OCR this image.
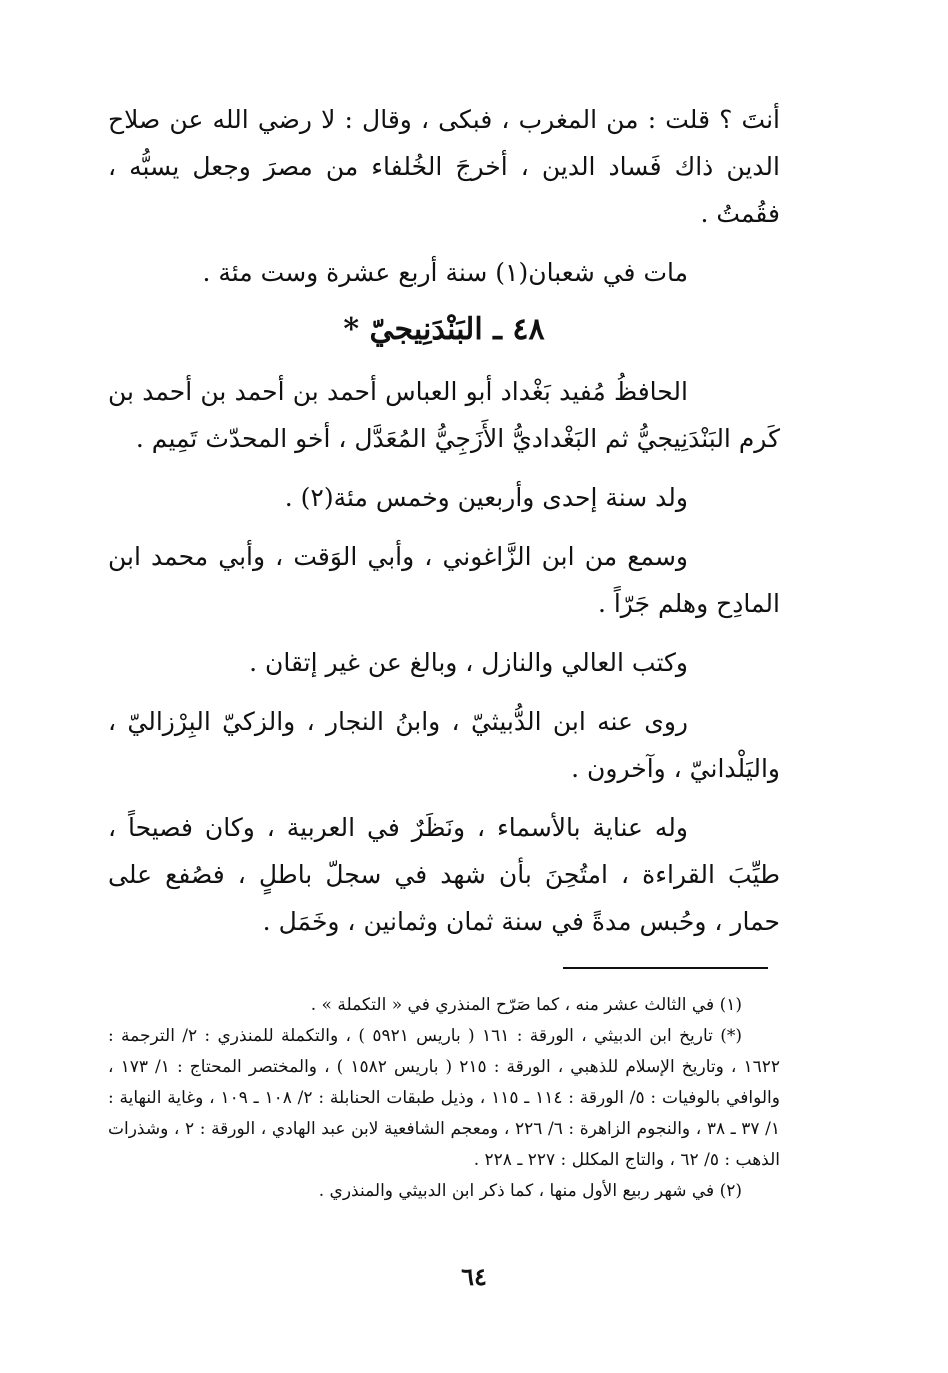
أنتَ ؟ قلت : من المغرب ، فبكى ، وقال : لا رضي الله عن صلاح الدين ذاك فَساد الدين ، أخرجَ الخُلفاء من مصرَ وجعل يسبُّه ، فقُمتُ .

مات في شعبان(١) سنة أربع عشرة وست مئة .

٤٨ ـ البَنْدَنِيجيّ *

الحافظُ مُفيد بَغْداد أبو العباس أحمد بن أحمد بن أحمد بن كَرم البَنْدَنِيجيُّ ثم البَغْداديُّ الأَزَجِيُّ المُعَدَّل ، أخو المحدّث تَمِيم .

ولد سنة إحدى وأربعين وخمس مئة(٢) .

وسمع من ابن الزَّاغوني ، وأبي الوَقت ، وأبي محمد ابن المادِح وهلم جَرّاً .

وكتب العالي والنازل ، وبالغ عن غير إتقان .

روى عنه ابن الدُّبيثيّ ، وابنُ النجار ، والزكيّ البِرْزاليّ ، واليَلْدانيّ ، وآخرون .

وله عناية بالأسماء ، ونَظَرٌ في العربية ، وكان فصيحاً ، طيِّبَ القراءة ، امتُحِنَ بأن شهد في سجلّ باطلٍ ، فصُفع على حمار ، وحُبس مدةً في سنة ثمان وثمانين ، وخَمَل .

(١) في الثالث عشر منه ، كما صَرّح المنذري في « التكملة » .

(*) تاريخ ابن الدبيثي ، الورقة : ١٦١ ( باريس ٥٩٢١ ) ، والتكملة للمنذري : ٢/ الترجمة : ١٦٢٢ ، وتاريخ الإسلام للذهبي ، الورقة : ٢١٥ ( باريس ١٥٨٢ ) ، والمختصر المحتاج : ١/ ١٧٣ ، والوافي بالوفيات : ٥/ الورقة : ١١٤ ـ ١١٥ ، وذيل طبقات الحنابلة : ٢/ ١٠٨ ـ ١٠٩ ، وغاية النهاية : ١/ ٣٧ ـ ٣٨ ، والنجوم الزاهرة : ٦/ ٢٢٦ ، ومعجم الشافعية لابن عبد الهادي ، الورقة : ٢ ، وشذرات الذهب : ٥/ ٦٢ ، والتاج المكلل : ٢٢٧ ـ ٢٢٨ .

(٢) في شهر ربيع الأول منها ، كما ذكر ابن الدبيثي والمنذري .

٦٤
